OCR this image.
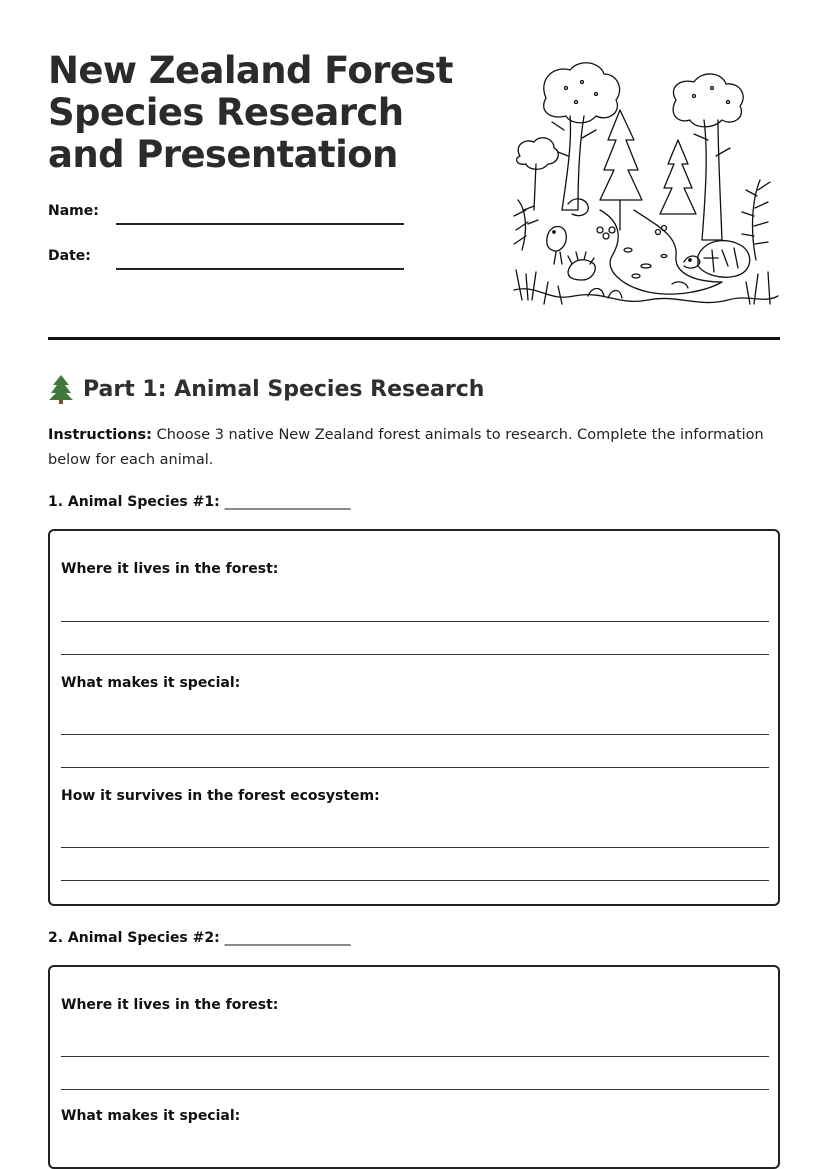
New Zealand Forest Species Research and Presentation
Name:
Date:
Part 1: Animal Species Research

Instructions: Choose 3 native New Zealand forest animals to research. Complete the information below for each animal.

1. Animal Species #1: __________________
Where it lives in the forest:
What makes it special:
How it survives in the forest ecosystem:
2. Animal Species #2: __________________
Where it lives in the forest:
What makes it special:
